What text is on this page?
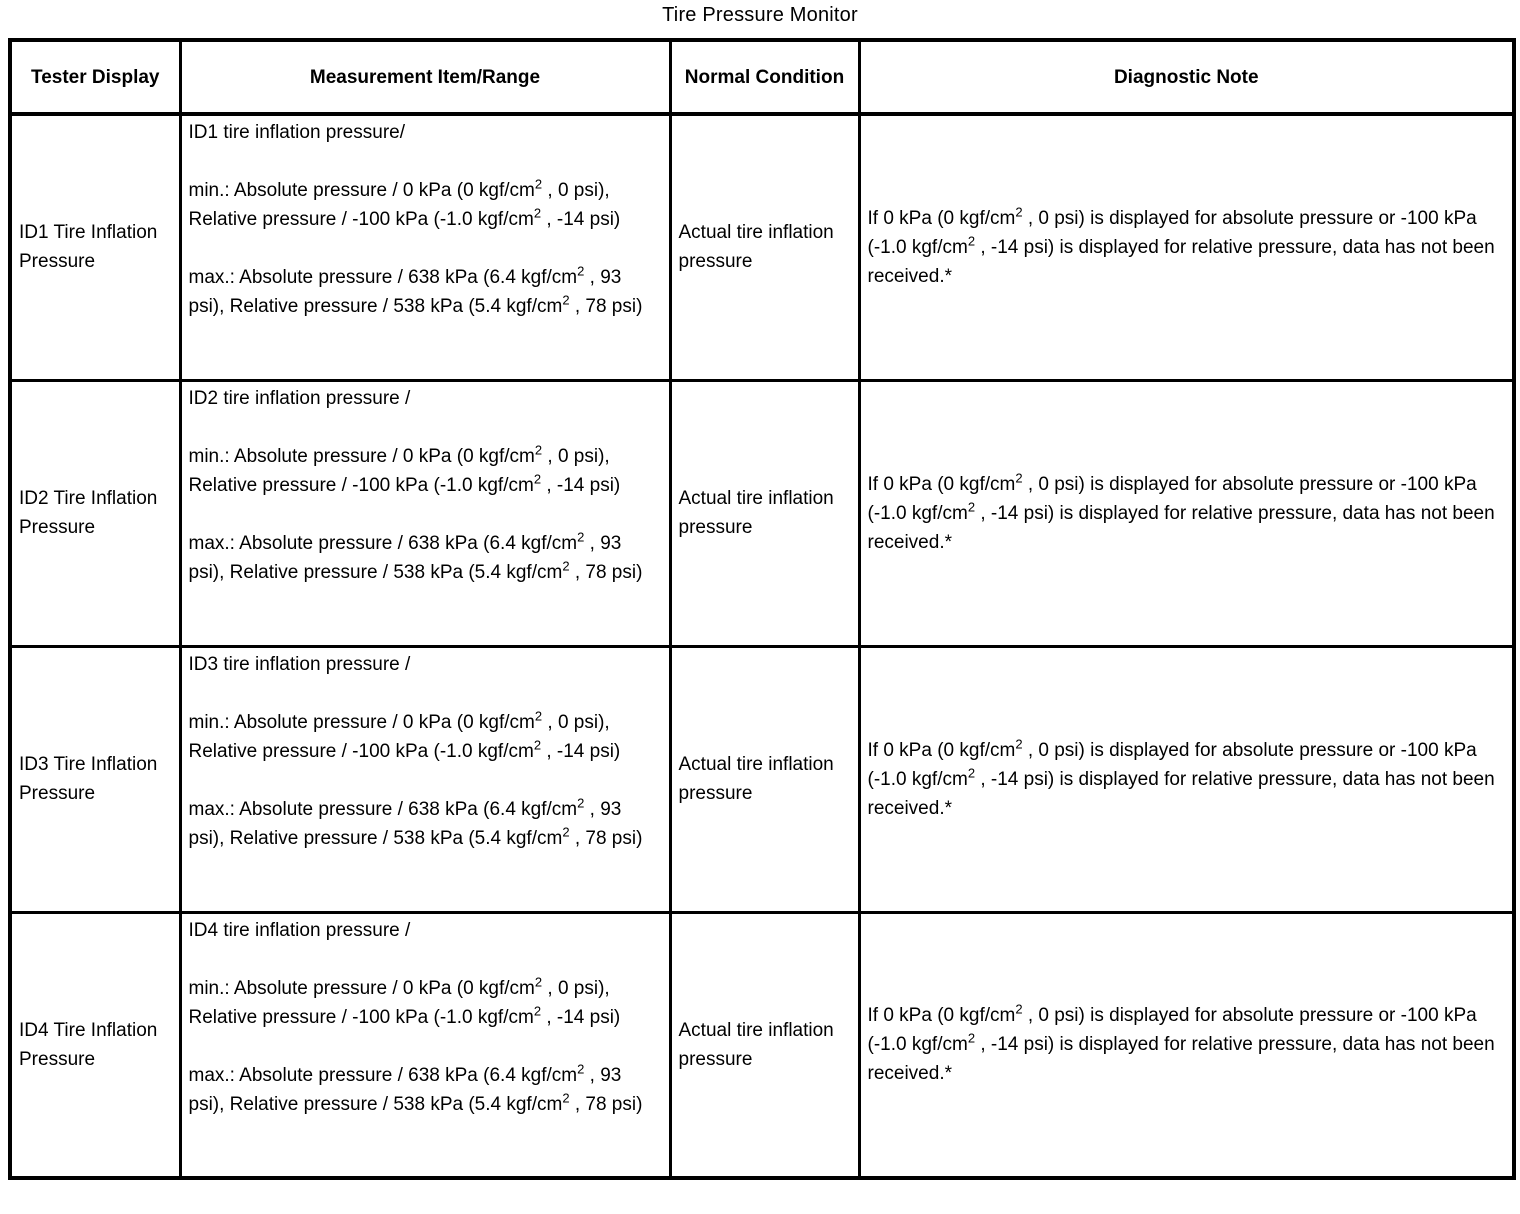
Tire Pressure Monitor
Tester Display	Measurement Item/Range	Normal Condition	Diagnostic Note
ID1 Tire Inflation Pressure	ID1 tire inflation pressure/
min.: Absolute pressure / 0 kPa (0 kgf/$cm^2$ , 0 psi), Relative pressure / -100 kPa (-1.0 kgf/$cm^2$ , -14 psi)
max.: Absolute pressure / 638 kPa (6.4 kgf/$cm^2$ , 93 psi), Relative pressure / 538 kPa (5.4 kgf/$cm^2$ , 78 psi)	Actual tire inflation pressure	If 0 kPa (0 kgf/$cm^2$ , 0 psi) is displayed for absolute pressure or -100 kPa (-1.0 kgf/$cm^2$ , -14 psi) is displayed for relative pressure, data has not been received.*
ID2 Tire Inflation Pressure	ID2 tire inflation pressure /
min.: Absolute pressure / 0 kPa (0 kgf/$cm^2$ , 0 psi), Relative pressure / -100 kPa (-1.0 kgf/$cm^2$ , -14 psi)
max.: Absolute pressure / 638 kPa (6.4 kgf/$cm^2$ , 93 psi), Relative pressure / 538 kPa (5.4 kgf/$cm^2$ , 78 psi)	Actual tire inflation pressure	If 0 kPa (0 kgf/$cm^2$ , 0 psi) is displayed for absolute pressure or -100 kPa (-1.0 kgf/$cm^2$ , -14 psi) is displayed for relative pressure, data has not been received.*
ID3 Tire Inflation Pressure	ID3 tire inflation pressure /
min.: Absolute pressure / 0 kPa (0 kgf/$cm^2$ , 0 psi), Relative pressure / -100 kPa (-1.0 kgf/$cm^2$ , -14 psi)
max.: Absolute pressure / 638 kPa (6.4 kgf/$cm^2$ , 93 psi), Relative pressure / 538 kPa (5.4 kgf/$cm^2$ , 78 psi)	Actual tire inflation pressure	If 0 kPa (0 kgf/$cm^2$ , 0 psi) is displayed for absolute pressure or -100 kPa (-1.0 kgf/$cm^2$ , -14 psi) is displayed for relative pressure, data has not been received.*
ID4 Tire Inflation Pressure	ID4 tire inflation pressure /
min.: Absolute pressure / 0 kPa (0 kgf/$cm^2$ , 0 psi), Relative pressure / -100 kPa (-1.0 kgf/$cm^2$ , -14 psi)
max.: Absolute pressure / 638 kPa (6.4 kgf/$cm^2$ , 93 psi), Relative pressure / 538 kPa (5.4 kgf/$cm^2$ , 78 psi)	Actual tire inflation pressure	If 0 kPa (0 kgf/$cm^2$ , 0 psi) is displayed for absolute pressure or -100 kPa (-1.0 kgf/$cm^2$ , -14 psi) is displayed for relative pressure, data has not been received.*
